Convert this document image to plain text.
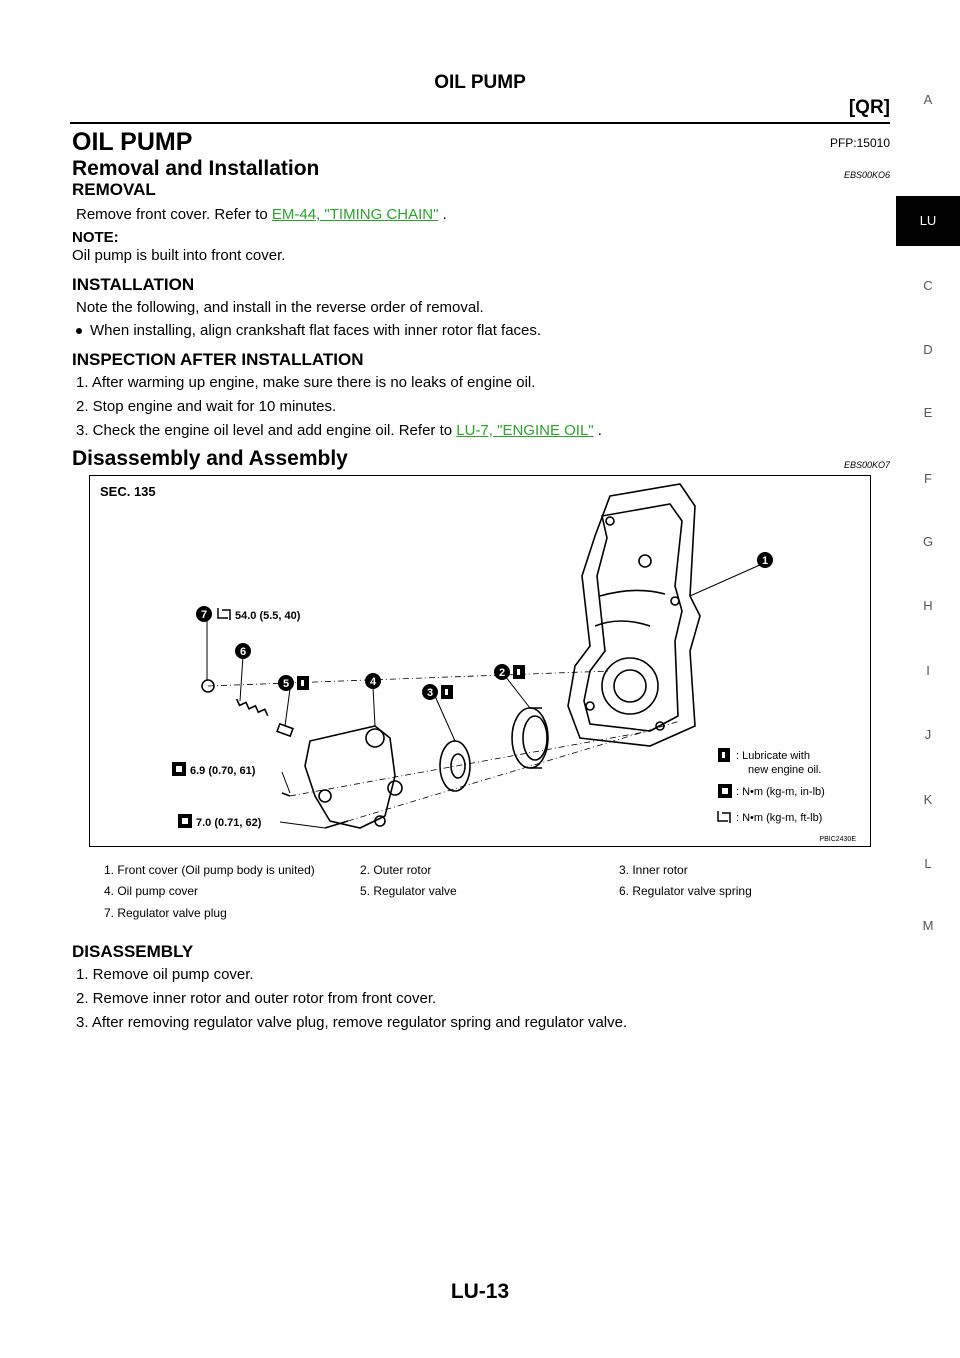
OIL PUMP
[QR]	A
LU
C
D
E
F
G
H
I
J
K
L
M
OIL PUMP	PFP:15010
Removal and Installation	EBS00KO6
REMOVAL
Remove front cover. Refer to EM-44, "TIMING CHAIN" .
NOTE:
Oil pump is built into front cover.
INSTALLATION
Note the following, and install in the reverse order of removal.
When installing, align crankshaft flat faces with inner rotor flat faces.
INSPECTION AFTER INSTALLATION
1. After warming up engine, make sure there is no leaks of engine oil.
2. Stop engine and wait for 10 minutes.
3. Check the engine oil level and add engine oil. Refer to LU-7, "ENGINE OIL" .
Disassembly and Assembly	EBS00KO7
SEC. 135
1
2
3
4
5
6
7	54.0 (5.5, 40)
6.9 (0.70, 61)
7.0 (0.71, 62)
: Lubricate with
new engine oil.
: N•m (kg-m, in-lb)
: N•m (kg-m, ft-lb)
PBIC2430E
1. Front cover (Oil pump body is united)	2. Outer rotor	3. Inner rotor
4. Oil pump cover	5. Regulator valve	6. Regulator valve spring
7. Regulator valve plug
DISASSEMBLY
1. Remove oil pump cover.
2. Remove inner rotor and outer rotor from front cover.
3. After removing regulator valve plug, remove regulator spring and regulator valve.
LU-13
